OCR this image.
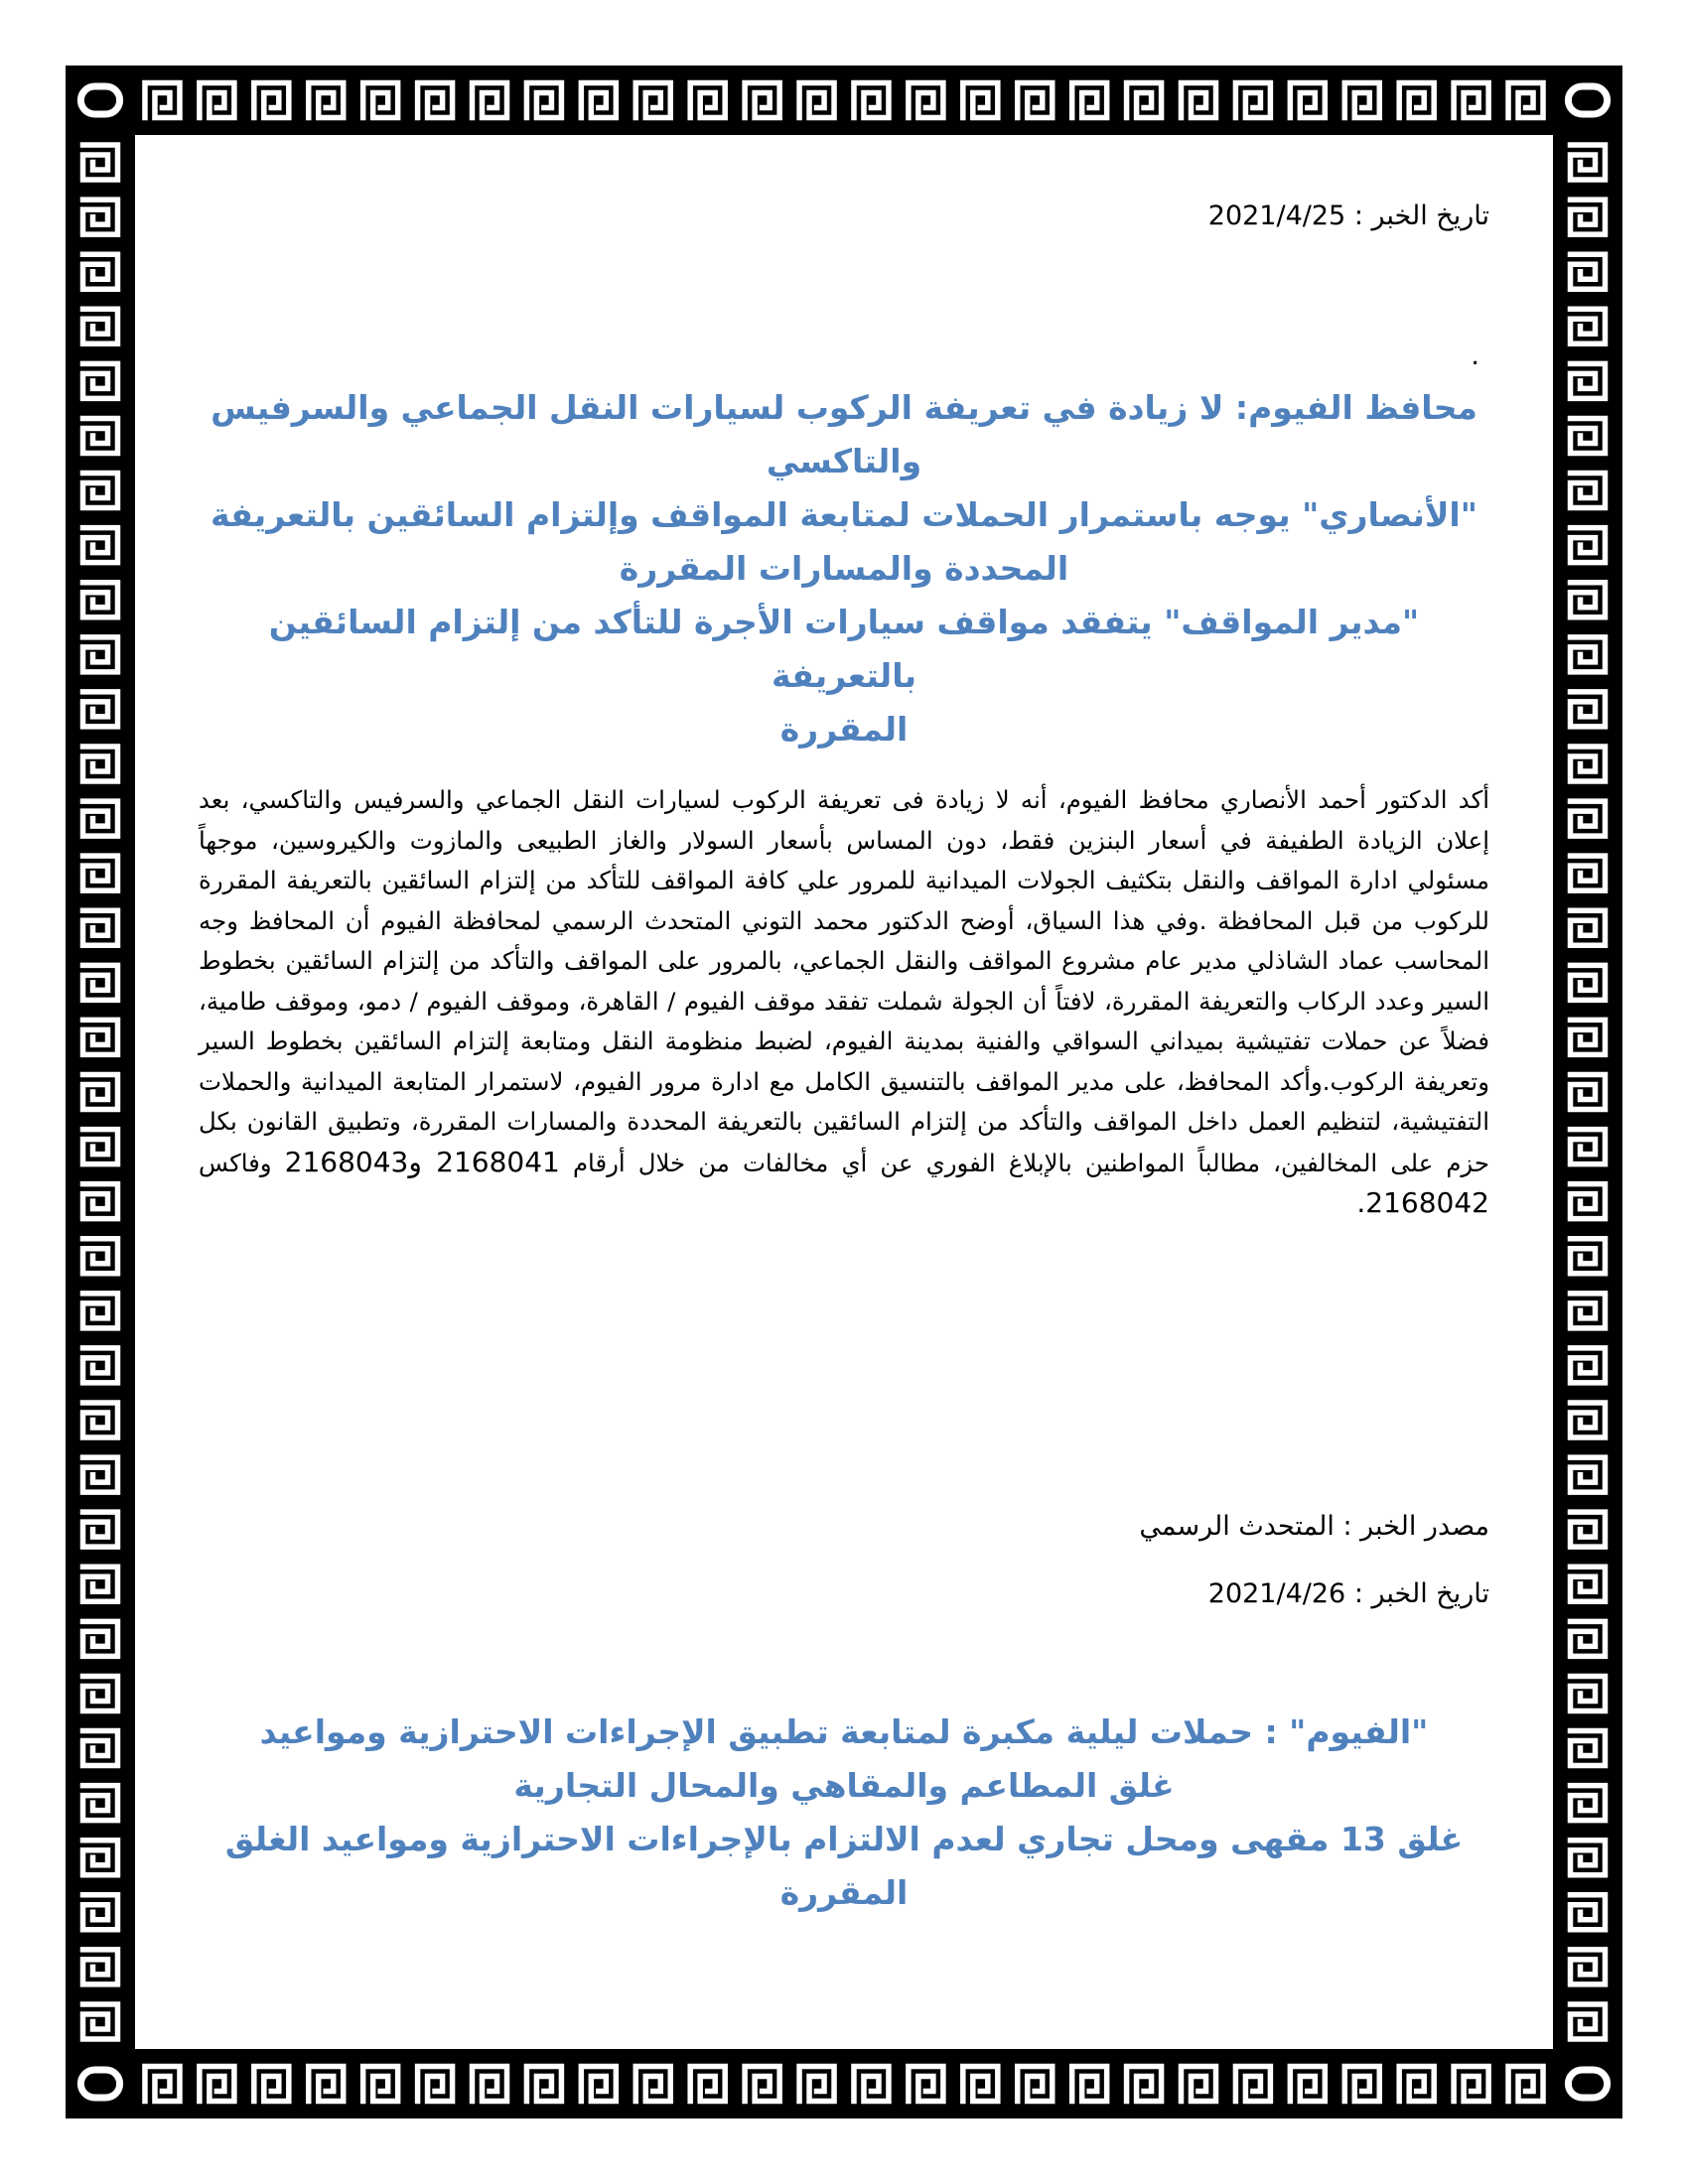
تاريخ الخبر : 2021/4/25

.
محافظ الفيوم: لا زيادة في تعريفة الركوب لسيارات النقل الجماعي والسرفيس
والتاكسي
"الأنصاري" يوجه باستمرار الحملات لمتابعة المواقف وإلتزام السائقين بالتعريفة
المحددة والمسارات المقررة
"مدير المواقف" يتفقد مواقف سيارات الأجرة للتأكد من إلتزام السائقين بالتعريفة
المقررة
أكد الدكتور أحمد الأنصاري محافظ الفيوم، أنه لا زيادة فى تعريفة الركوب لسيارات النقل الجماعي والسرفيس والتاكسي، بعد إعلان الزيادة الطفيفة في أسعار البنزين فقط، دون المساس بأسعار السولار والغاز الطبيعى والمازوت والكيروسين، موجهاً مسئولي ادارة المواقف والنقل بتكثيف الجولات الميدانية للمرور علي كافة المواقف للتأكد من إلتزام السائقين بالتعريفة المقررة للركوب من قبل المحافظة .وفي هذا السياق، أوضح الدكتور محمد التوني المتحدث الرسمي لمحافظة الفيوم أن المحافظ وجه المحاسب عماد الشاذلي مدير عام مشروع المواقف والنقل الجماعي، بالمرور على المواقف والتأكد من إلتزام السائقين بخطوط السير وعدد الركاب والتعريفة المقررة، لافتاً أن الجولة شملت تفقد موقف الفيوم / القاهرة، وموقف الفيوم / دمو، وموقف طامية، فضلاً عن حملات تفتيشية بميداني السواقي والفنية بمدينة الفيوم، لضبط منظومة النقل ومتابعة إلتزام السائقين بخطوط السير وتعريفة الركوب.وأكد المحافظ، على مدير المواقف بالتنسيق الكامل مع ادارة مرور الفيوم، لاستمرار المتابعة الميدانية والحملات التفتيشية، لتنظيم العمل داخل المواقف والتأكد من إلتزام السائقين بالتعريفة المحددة والمسارات المقررة، وتطبيق القانون بكل حزم على المخالفين، مطالباً المواطنين بالإبلاغ الفوري عن أي مخالفات من خلال أرقام 2168041 و2168043 وفاكس 2168042.

مصدر الخبر : المتحدث الرسمي

تاريخ الخبر : 2021/4/26

"الفيوم" : حملات ليلية مكبرة لمتابعة تطبيق الإجراءات الاحترازية ومواعيد
غلق المطاعم والمقاهي والمحال التجارية
غلق 13 مقهى ومحل تجاري لعدم الالتزام بالإجراءات الاحترازية ومواعيد الغلق
المقررة
